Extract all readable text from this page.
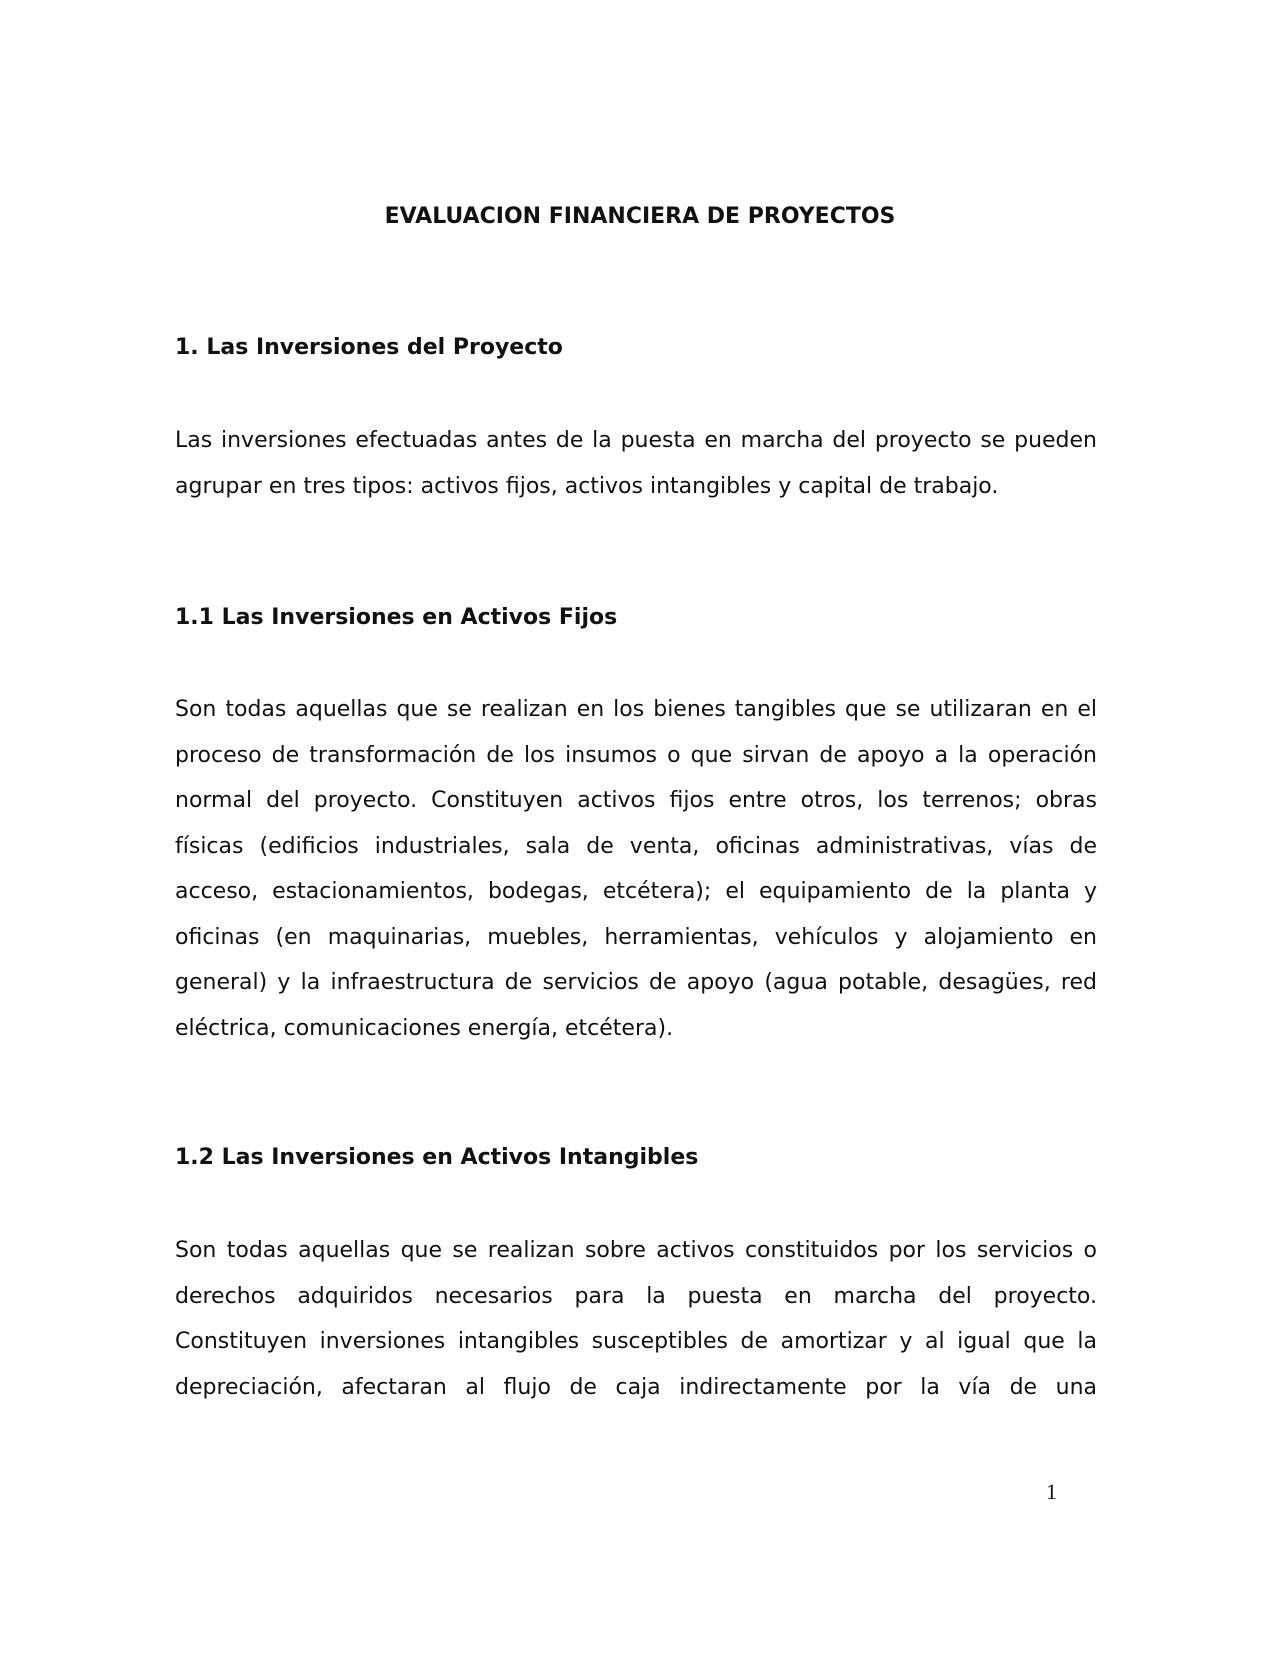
EVALUACION FINANCIERA DE PROYECTOS
1. Las Inversiones del Proyecto

Las inversiones efectuadas antes de la puesta en marcha del proyecto se pueden agrupar en tres tipos: activos fijos, activos intangibles y capital de trabajo.

1.1 Las Inversiones en Activos Fijos

Son todas aquellas que se realizan en los bienes tangibles que se utilizaran en el proceso de transformación de los insumos o que sirvan de apoyo a la operación normal del proyecto. Constituyen activos fijos entre otros, los terrenos; obras físicas (edificios industriales, sala de venta, oficinas administrativas, vías de acceso, estacionamientos, bodegas, etcétera); el equipamiento de la planta y oficinas (en maquinarias, muebles, herramientas, vehículos y alojamiento en general) y la infraestructura de servicios de apoyo (agua potable, desagües, red eléctrica, comunicaciones energía, etcétera).

1.2 Las Inversiones en Activos Intangibles

Son todas aquellas que se realizan sobre activos constituidos por los servicios o derechos adquiridos necesarios para la puesta en marcha del proyecto. Constituyen inversiones intangibles susceptibles de amortizar y al igual que la depreciación, afectaran al flujo de caja indirectamente por la vía de una

1
